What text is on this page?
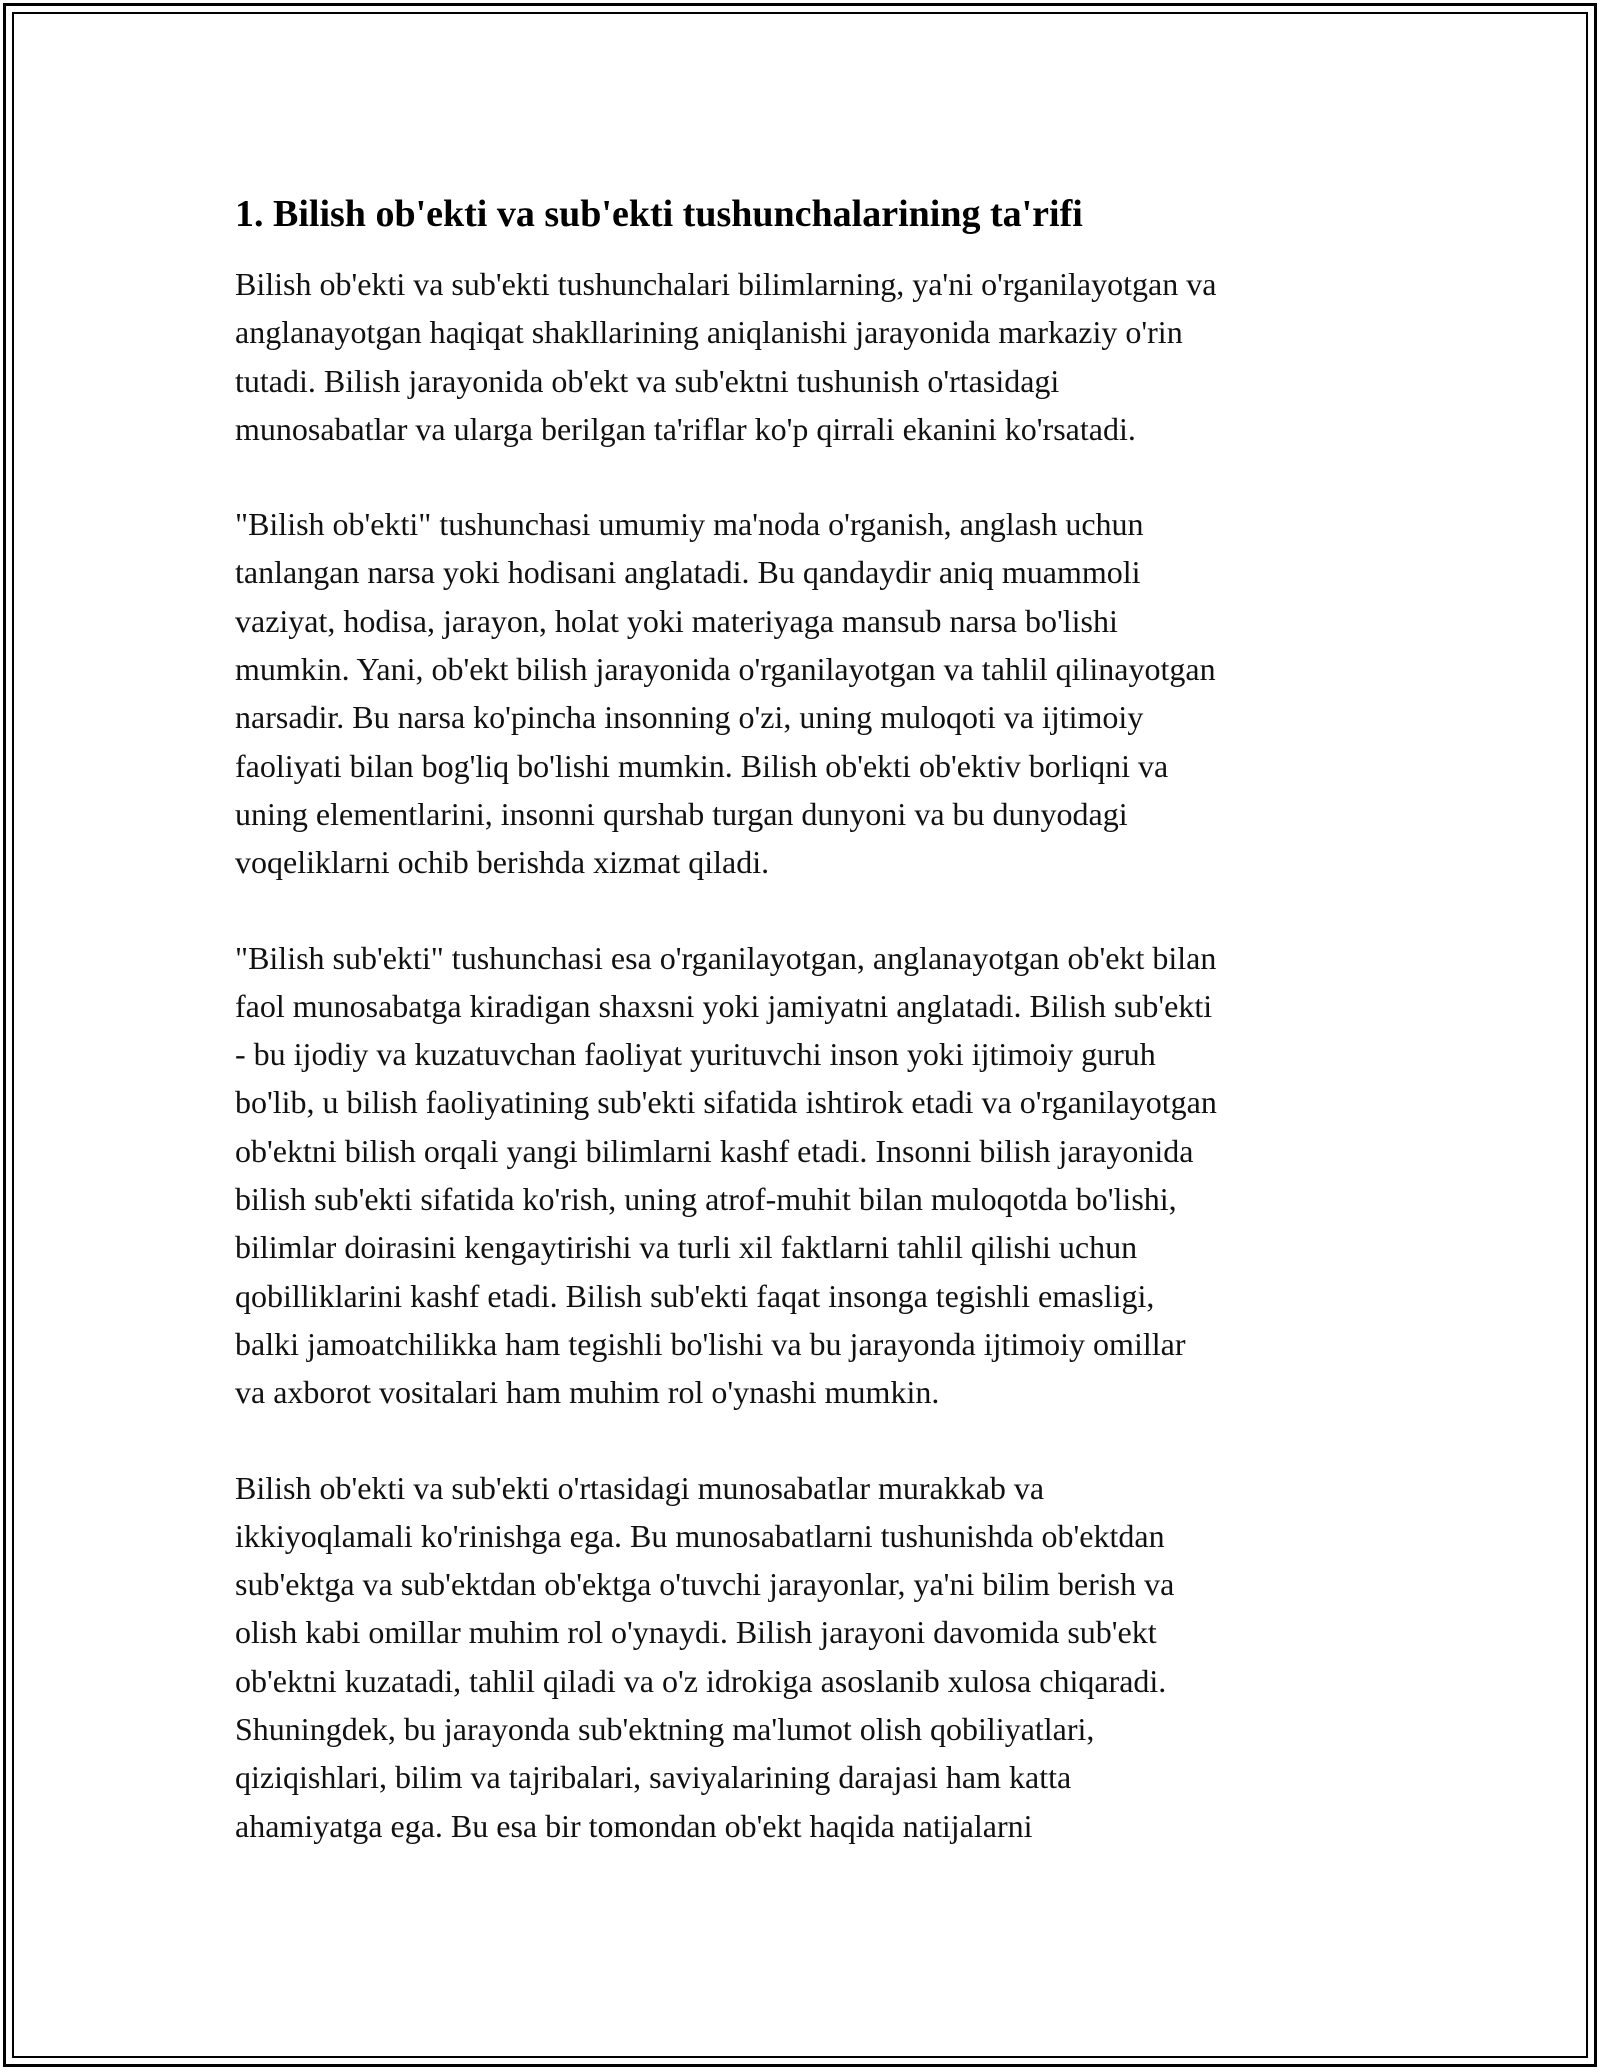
1. Bilish ob'ekti va sub'ekti tushunchalarining ta'rifi

Bilish ob'ekti va sub'ekti tushunchalari bilimlarning, ya'ni o'rganilayotgan va
anglanayotgan haqiqat shakllarining aniqlanishi jarayonida markaziy o'rin
tutadi. Bilish jarayonida ob'ekt va sub'ektni tushunish o'rtasidagi
munosabatlar va ularga berilgan ta'riflar ko'p qirrali ekanini ko'rsatadi.

"Bilish ob'ekti" tushunchasi umumiy ma'noda o'rganish, anglash uchun
tanlangan narsa yoki hodisani anglatadi. Bu qandaydir aniq muammoli
vaziyat, hodisa, jarayon, holat yoki materiyaga mansub narsa bo'lishi
mumkin. Yani, ob'ekt bilish jarayonida o'rganilayotgan va tahlil qilinayotgan
narsadir. Bu narsa ko'pincha insonning o'zi, uning muloqoti va ijtimoiy
faoliyati bilan bog'liq bo'lishi mumkin. Bilish ob'ekti ob'ektiv borliqni va
uning elementlarini, insonni qurshab turgan dunyoni va bu dunyodagi
voqeliklarni ochib berishda xizmat qiladi.

"Bilish sub'ekti" tushunchasi esa o'rganilayotgan, anglanayotgan ob'ekt bilan
faol munosabatga kiradigan shaxsni yoki jamiyatni anglatadi. Bilish sub'ekti
- bu ijodiy va kuzatuvchan faoliyat yurituvchi inson yoki ijtimoiy guruh
bo'lib, u bilish faoliyatining sub'ekti sifatida ishtirok etadi va o'rganilayotgan
ob'ektni bilish orqali yangi bilimlarni kashf etadi. Insonni bilish jarayonida
bilish sub'ekti sifatida ko'rish, uning atrof-muhit bilan muloqotda bo'lishi,
bilimlar doirasini kengaytirishi va turli xil faktlarni tahlil qilishi uchun
qobilliklarini kashf etadi. Bilish sub'ekti faqat insonga tegishli emasligi,
balki jamoatchilikka ham tegishli bo'lishi va bu jarayonda ijtimoiy omillar
va axborot vositalari ham muhim rol o'ynashi mumkin.

Bilish ob'ekti va sub'ekti o'rtasidagi munosabatlar murakkab va
ikkiyoqlamali ko'rinishga ega. Bu munosabatlarni tushunishda ob'ektdan
sub'ektga va sub'ektdan ob'ektga o'tuvchi jarayonlar, ya'ni bilim berish va
olish kabi omillar muhim rol o'ynaydi. Bilish jarayoni davomida sub'ekt
ob'ektni kuzatadi, tahlil qiladi va o'z idrokiga asoslanib xulosa chiqaradi.
Shuningdek, bu jarayonda sub'ektning ma'lumot olish qobiliyatlari,
qiziqishlari, bilim va tajribalari, saviyalarining darajasi ham katta
ahamiyatga ega. Bu esa bir tomondan ob'ekt haqida natijalarni
